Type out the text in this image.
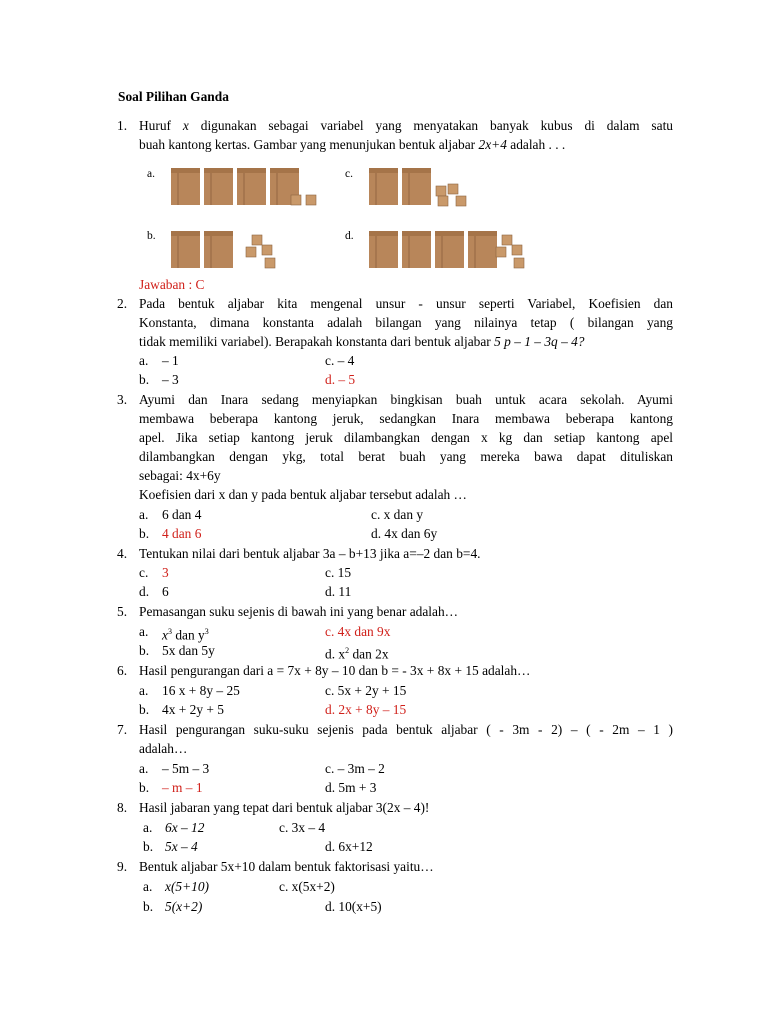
Soal Pilihan Ganda
1. Huruf x digunakan sebagai variabel yang menyatakan banyak kubus di dalam satu
buah kantong kertas. Gambar yang menunjukan bentuk aljabar 2x+4 adalah . . .
a.	c.
b.	d.
Jawaban : C
2. Pada bentuk aljabar kita mengenal unsur - unsur seperti Variabel, Koefisien dan
Konstanta, dimana konstanta adalah bilangan yang nilainya tetap ( bilangan yang
tidak memiliki variabel). Berapakah konstanta dari bentuk aljabar 5 p – 1 – 3q – 4?
a. – 1	c. – 4
b. – 3	d. – 5
3. Ayumi dan Inara sedang menyiapkan bingkisan buah untuk acara sekolah. Ayumi
membawa beberapa kantong jeruk, sedangkan Inara membawa beberapa kantong
apel. Jika setiap kantong jeruk dilambangkan dengan x kg dan setiap kantong apel
dilambangkan dengan ykg, total berat buah yang mereka bawa dapat dituliskan
sebagai: 4x+6y
Koefisien dari x dan y pada bentuk aljabar tersebut adalah …
a. 6 dan 4	c. x dan y
b. 4 dan 6	d. 4x dan 6y
4. Tentukan nilai dari bentuk aljabar 3a – b+13 jika a=–2 dan b=4.
c. 3	c. 15
d. 6	d. 11
5. Pemasangan suku sejenis di bawah ini yang benar adalah…
a. $x^3$ dan $y^3$	c. 4x dan 9x
b. 5x dan 5y	d. $x^2$ dan 2x
6. Hasil pengurangan dari a = 7x + 8y – 10 dan b = - 3x + 8x + 15 adalah…
a. 16 x + 8y – 25	c. 5x + 2y + 15
b. 4x + 2y + 5	d. 2x + 8y – 15
7. Hasil pengurangan suku-suku sejenis pada bentuk aljabar ( - 3m - 2) – ( - 2m – 1 )
adalah…
a. – 5m – 3	c. – 3m – 2
b. – m – 1	d. 5m + 3
8. Hasil jabaran yang tepat dari bentuk aljabar 3(2x – 4)!
a. 6x – 12	c. 3x – 4
b. 5x – 4	d. 6x+12
9. Bentuk aljabar 5x+10 dalam bentuk faktorisasi yaitu…
a. x(5+10)	c. x(5x+2)
b. 5(x+2)	d. 10(x+5)
